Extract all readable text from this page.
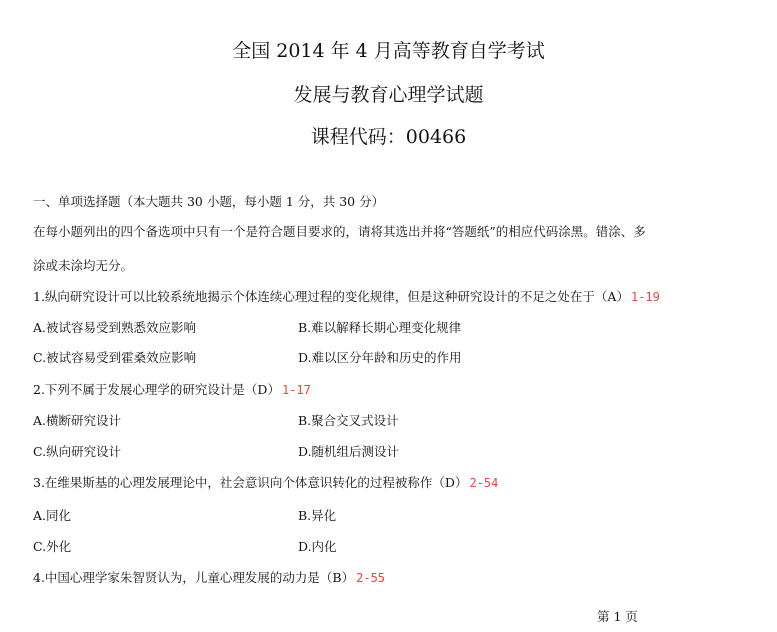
全国 2014 年 4 月高等教育自学考试
发展与教育心理学试题
课程代码：00466
一、单项选择题（本大题共 30 小题，每小题 1 分，共 30 分）
在每小题列出的四个备选项中只有一个是符合题目要求的，请将其选出并将“答题纸”的相应代码涂黑。错涂、多
涂或未涂均无分。
1.纵向研究设计可以比较系统地揭示个体连续心理过程的变化规律，但是这种研究设计的不足之处在于（A） 1-19
A.被试容易受到熟悉效应影响	B.难以解释长期心理变化规律
C.被试容易受到霍桑效应影响	D.难以区分年龄和历史的作用
2.下列不属于发展心理学的研究设计是（D） 1-17
A.横断研究设计	B.聚合交叉式设计
C.纵向研究设计	D.随机组后测设计
3.在维果斯基的心理发展理论中，社会意识向个体意识转化的过程被称作（D） 2-54
A.同化	B.异化
C.外化	D.内化
4.中国心理学家朱智贤认为，儿童心理发展的动力是（B） 2-55
第 1 页
